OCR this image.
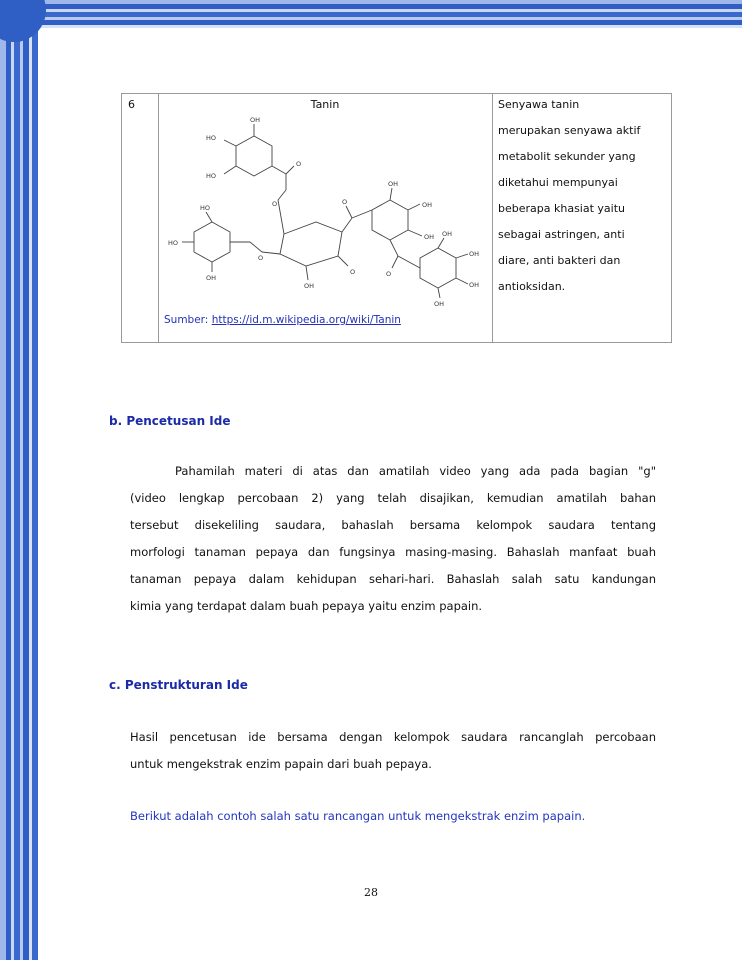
6	Tanin
OH
HO
HO
O
O
HO
HO
OH
O
O
OH
OH
OH
O
OH
OH
OH
OH
OH
O
Sumber: https://id.m.wikipedia.org/wiki/Tanin
Senyawa tanin
merupakan senyawa aktif
metabolit sekunder yang
diketahui mempunyai
beberapa khasiat yaitu
sebagai astringen, anti
diare, anti bakteri dan
antioksidan.
b. Pencetusan Ide
Pahamilah materi di atas dan amatilah video yang ada pada bagian "g"
(video lengkap percobaan 2) yang telah disajikan, kemudian amatilah bahan
tersebut disekeliling saudara, bahaslah bersama kelompok saudara tentang
morfologi tanaman pepaya dan fungsinya masing-masing. Bahaslah manfaat buah
tanaman pepaya dalam kehidupan sehari-hari. Bahaslah salah satu kandungan
kimia yang terdapat dalam buah pepaya yaitu enzim papain.
c. Penstrukturan Ide
Hasil pencetusan ide bersama dengan kelompok saudara rancanglah percobaan
untuk mengekstrak enzim papain dari buah pepaya.
Berikut adalah contoh salah satu rancangan untuk mengekstrak enzim papain.
28
